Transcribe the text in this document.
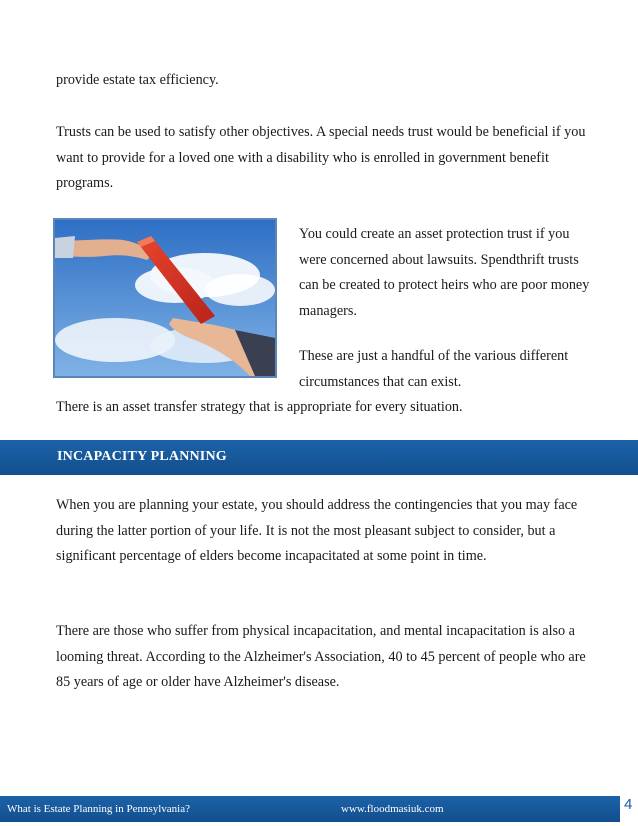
provide estate tax efficiency.

Trusts can be used to satisfy other objectives. A special needs trust would be beneficial if you want to provide for a loved one with a disability who is enrolled in government benefit programs.

You could create an asset protection trust if you were concerned about lawsuits. Spendthrift trusts can be created to protect heirs who are poor money managers.

These are just a handful of the various different circumstances that can exist.

There is an asset transfer strategy that is appropriate for every situation.

INCAPACITY PLANNING

When you are planning your estate, you should address the contingencies that you may face during the latter portion of your life. It is not the most pleasant subject to consider, but a significant percentage of elders become incapacitated at some point in time.

There are those who suffer from physical incapacitation, and mental incapacitation is also a looming threat. According to the Alzheimer's Association, 40 to 45 percent of people who are 85 years of age or older have Alzheimer's disease.

What is Estate Planning in Pennsylvania?	www.floodmasiuk.com	4
